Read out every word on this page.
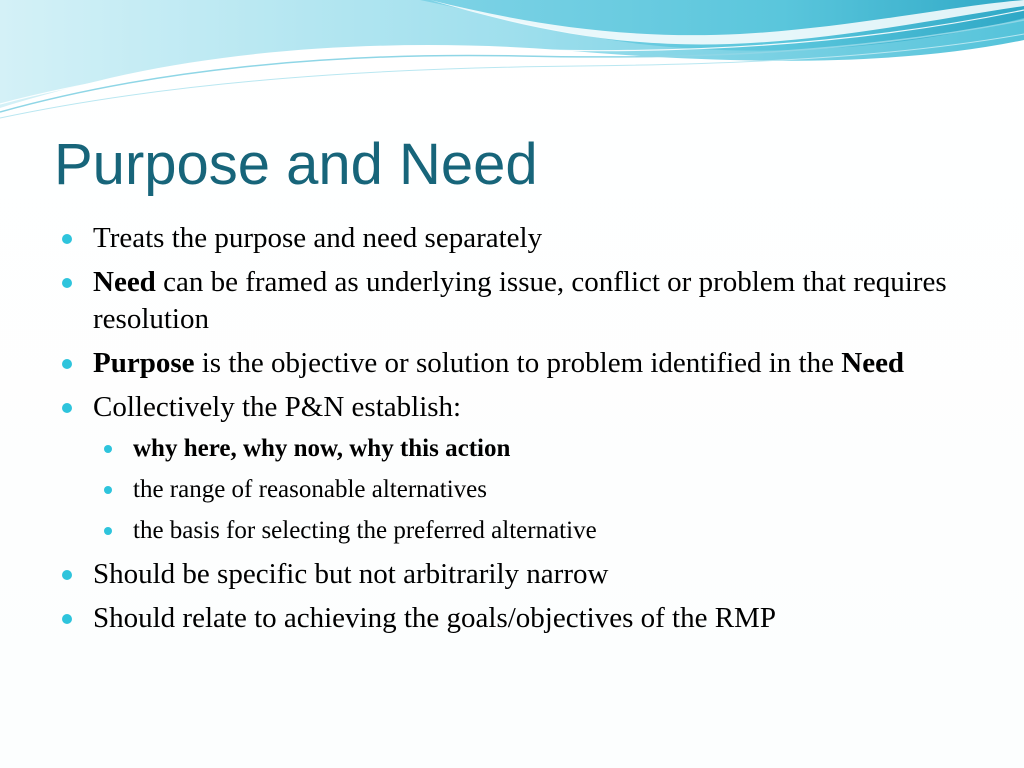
Purpose and Need
Treats the purpose and need separately
Need can be framed as underlying issue, conflict or problem that requires resolution
Purpose is the objective or solution to problem identified in the Need
Collectively the P&N establish:
why here, why now, why this action
the range of reasonable alternatives
the basis for selecting the preferred alternative
Should be specific but not arbitrarily narrow
Should relate to achieving the goals/objectives of the RMP
